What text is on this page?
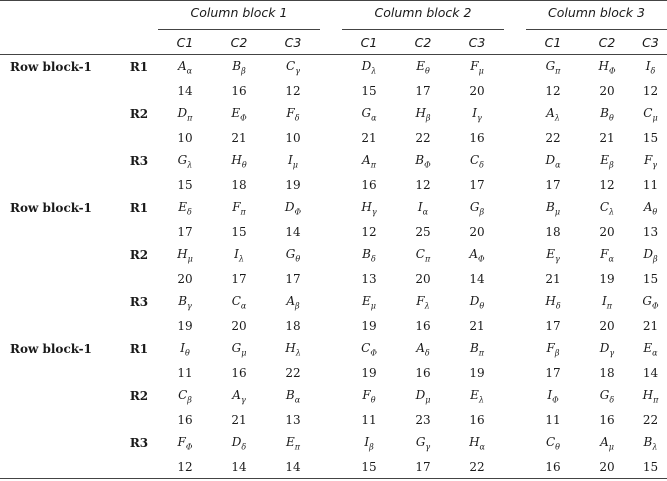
		Column block 1				Column block 2				Column block 3		
		C1	C2	C3		C1	C2	C3		C1	C2	C3
Row block-1	R1	$A_\alpha$	$B_\beta$	$C_\gamma$		$D_\lambda$	$E_\theta$	$F_\mu$		$G_\pi$	$H_\Phi$	$I_\delta$
		14	16	12		15	17	20		12	20	12
	R2	$D_\pi$	$E_\Phi$	$F_\delta$		$G_\alpha$	$H_\beta$	$I_\gamma$		$A_\lambda$	$B_\theta$	$C_\mu$
		10	21	10		21	22	16		22	21	15
	R3	$G_\lambda$	$H_\theta$	$I_\mu$		$A_\pi$	$B_\Phi$	$C_\delta$		$D_\alpha$	$E_\beta$	$F_\gamma$
		15	18	19		16	12	17		17	12	11
Row block-1	R1	$E_\delta$	$F_\pi$	$D_\Phi$		$H_\gamma$	$I_\alpha$	$G_\beta$		$B_\mu$	$C_\lambda$	$A_\theta$
		17	15	14		12	25	20		18	20	13
	R2	$H_\mu$	$I_\lambda$	$G_\theta$		$B_\delta$	$C_\pi$	$A_\Phi$		$E_\gamma$	$F_\alpha$	$D_\beta$
		20	17	17		13	20	14		21	19	15
	R3	$B_\gamma$	$C_\alpha$	$A_\beta$		$E_\mu$	$F_\lambda$	$D_\theta$		$H_\delta$	$I_\pi$	$G_\Phi$
		19	20	18		19	16	21		17	20	21
Row block-1	R1	$I_\theta$	$G_\mu$	$H_\lambda$		$C_\Phi$	$A_\delta$	$B_\pi$		$F_\beta$	$D_\gamma$	$E_\alpha$
		11	16	22		19	16	19		17	18	14
	R2	$C_\beta$	$A_\gamma$	$B_\alpha$		$F_\theta$	$D_\mu$	$E_\lambda$		$I_\Phi$	$G_\delta$	$H_\pi$
		16	21	13		11	23	16		11	16	22
	R3	$F_\Phi$	$D_\delta$	$E_\pi$		$I_\beta$	$G_\gamma$	$H_\alpha$		$C_\theta$	$A_\mu$	$B_\lambda$
		12	14	14		15	17	22		16	20	15
